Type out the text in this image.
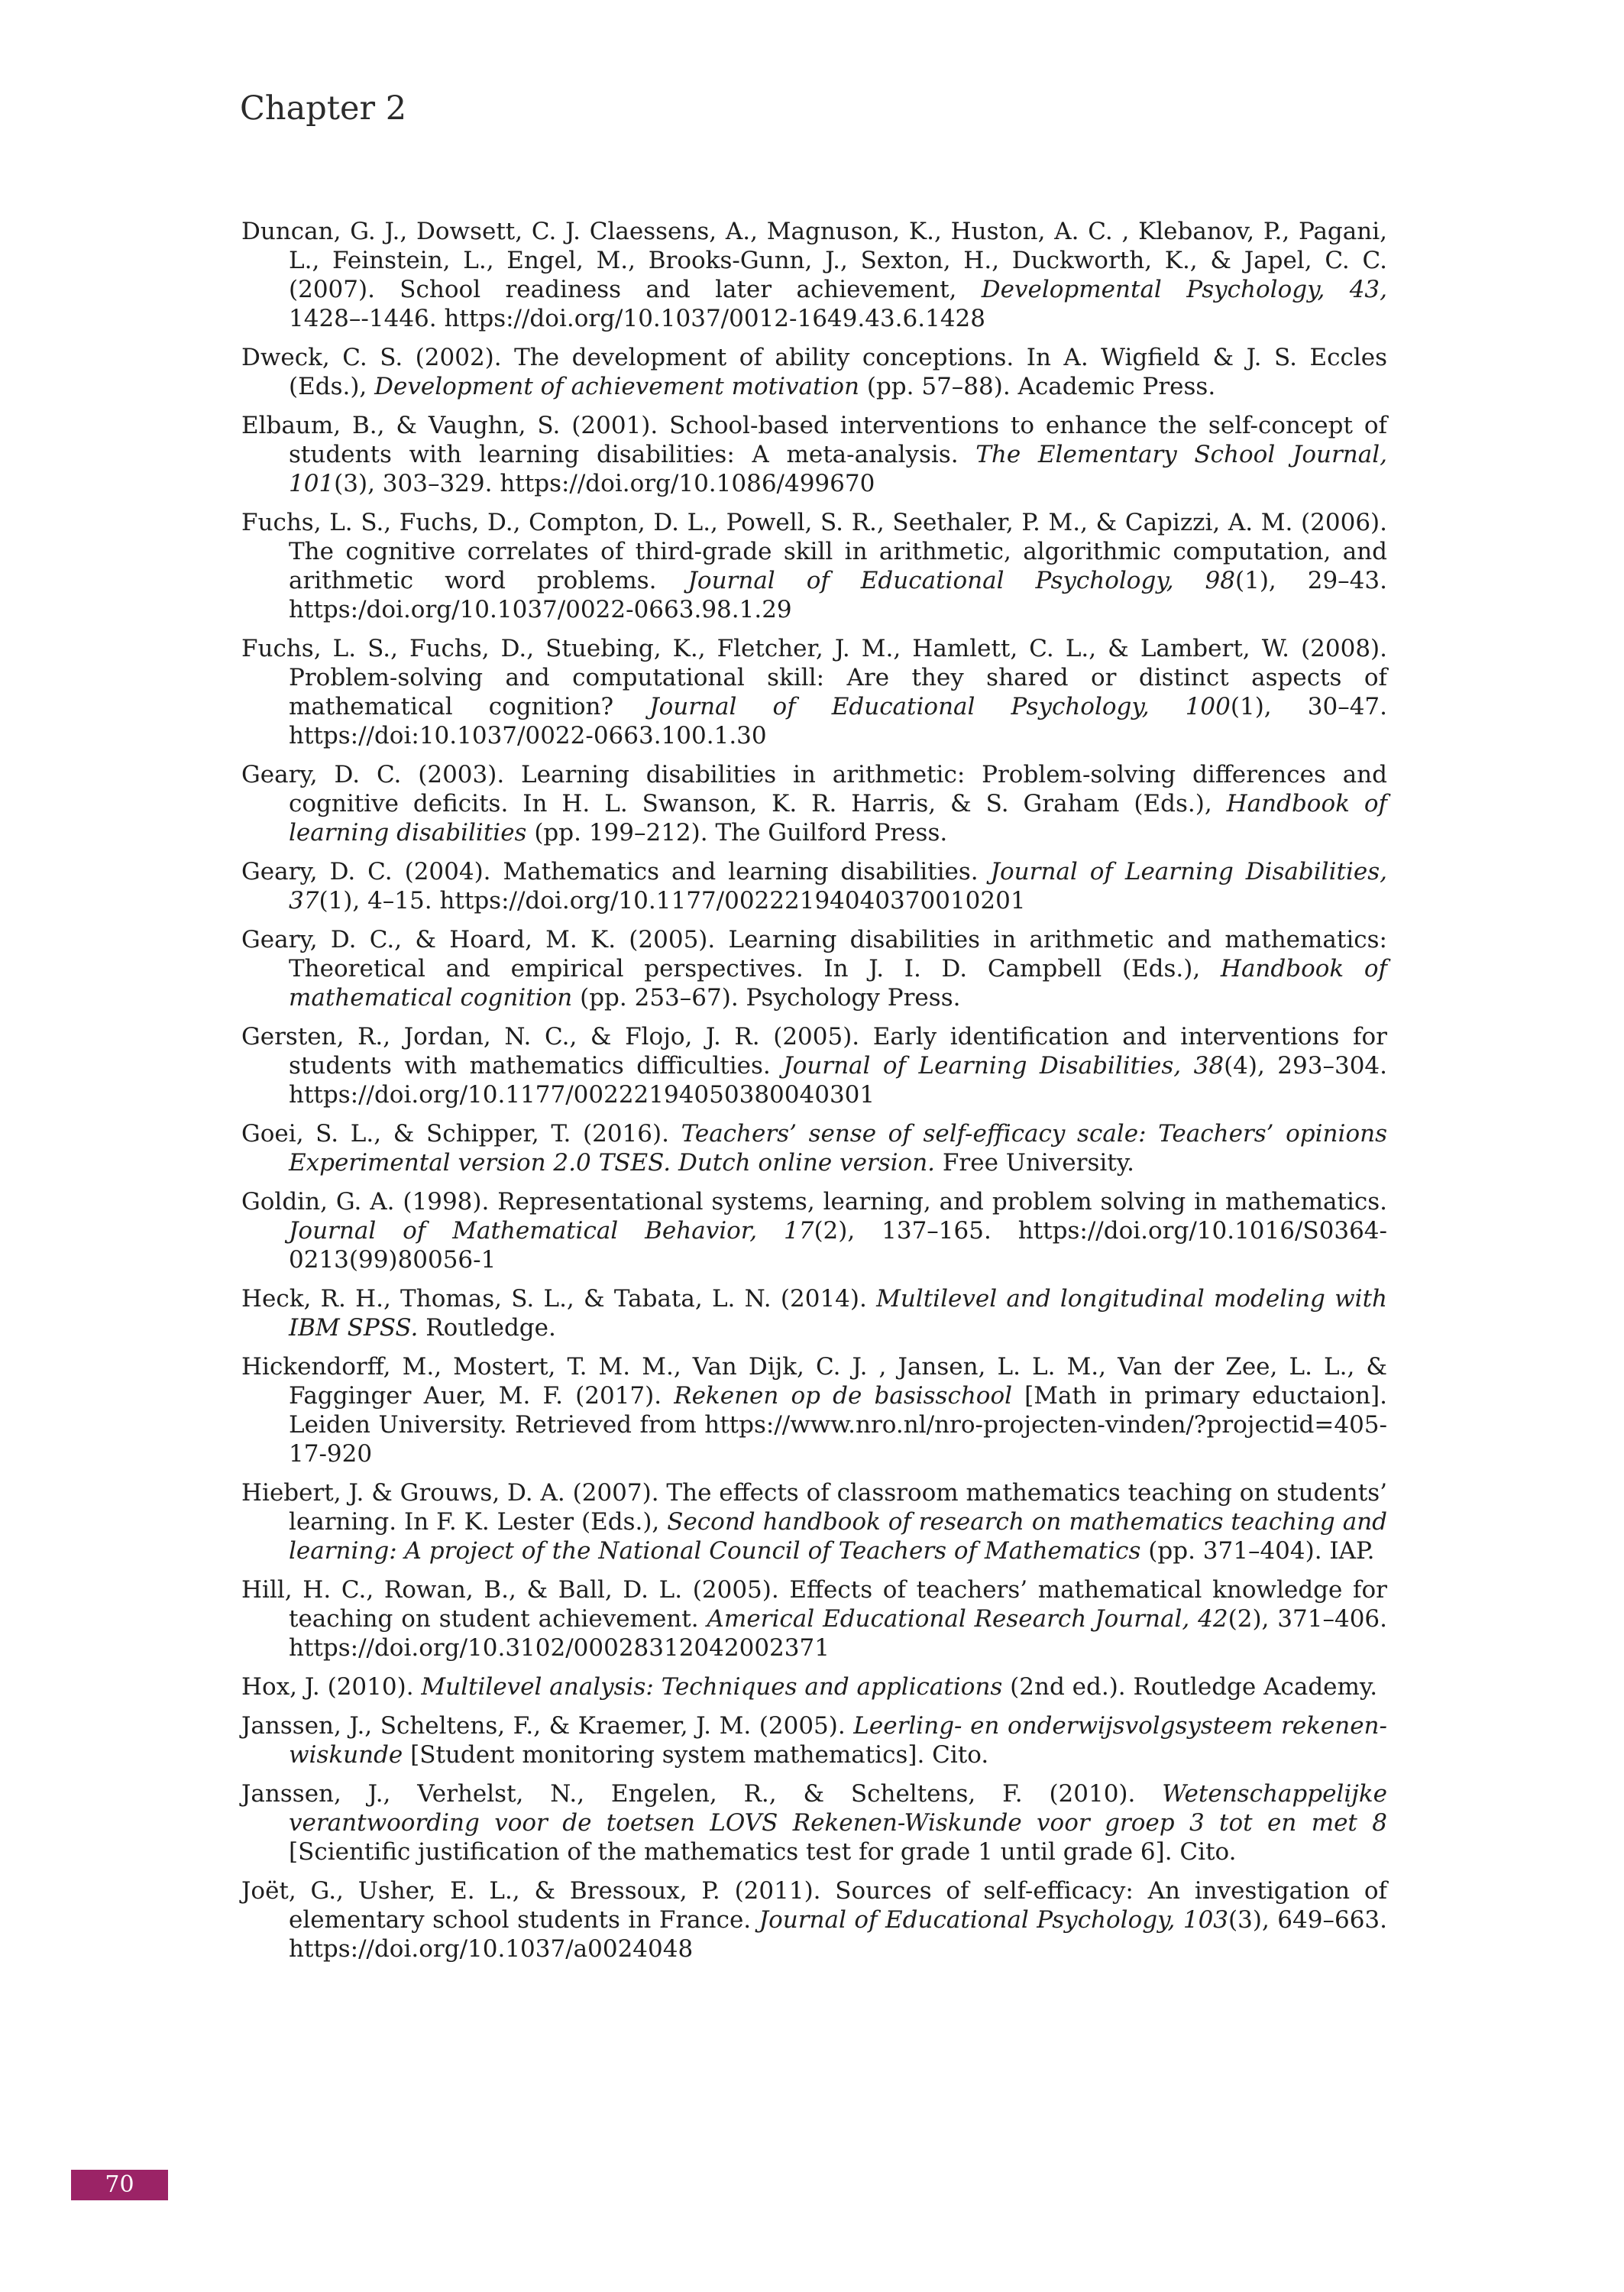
Chapter 2

Duncan, G. J., Dowsett, C. J. Claessens, A., Magnuson, K., Huston, A. C. , Klebanov, P., Pagani, L., Feinstein, L., Engel, M., Brooks-Gunn, J., Sexton, H., Duckworth, K., & Japel, C. C. (2007). School readiness and later achievement, Developmental Psychology, 43, 1428–-1446. https://doi.org/10.1037/0012-1649.43.6.1428

Dweck, C. S. (2002). The development of ability conceptions. In A. Wigfield & J. S. Eccles (Eds.), Development of achievement motivation (pp. 57–88). Academic Press.

Elbaum, B., & Vaughn, S. (2001). School-based interventions to enhance the self-concept of students with learning disabilities: A meta-analysis. The Elementary School Journal, 101(3), 303–329. https://doi.org/10.1086/499670

Fuchs, L. S., Fuchs, D., Compton, D. L., Powell, S. R., Seethaler, P. M., & Capizzi, A. M. (2006). The cognitive correlates of third-grade skill in arithmetic, algorithmic computation, and arithmetic word problems. Journal of Educational Psychology, 98(1), 29–43. https:/doi.org/10.1037/0022-0663.98.1.29

Fuchs, L. S., Fuchs, D., Stuebing, K., Fletcher, J. M., Hamlett, C. L., & Lambert, W. (2008). Problem-solving and computational skill: Are they shared or distinct aspects of mathematical cognition? Journal of Educational Psychology, 100(1), 30–47. https://doi:10.1037/0022-0663.100.1.30

Geary, D. C. (2003). Learning disabilities in arithmetic: Problem-solving differences and cognitive deficits. In H. L. Swanson, K. R. Harris, & S. Graham (Eds.), Handbook of learning disabilities (pp. 199–212). The Guilford Press.

Geary, D. C. (2004). Mathematics and learning disabilities. Journal of Learning Disabilities, 37(1), 4–15. https://doi.org/10.1177/00222194040370010201

Geary, D. C., & Hoard, M. K. (2005). Learning disabilities in arithmetic and mathematics: Theoretical and empirical perspectives. In J. I. D. Campbell (Eds.), Handbook of mathematical cognition (pp. 253–67). Psychology Press.

Gersten, R., Jordan, N. C., & Flojo, J. R. (2005). Early identification and interventions for students with mathematics difficulties. Journal of Learning Disabilities, 38(4), 293–304. https://doi.org/10.1177/00222194050380040301

Goei, S. L., & Schipper, T. (2016). Teachers’ sense of self-efficacy scale: Teachers’ opinions Experimental version 2.0 TSES. Dutch online version. Free University.

Goldin, G. A. (1998). Representational systems, learning, and problem solving in mathematics. Journal of Mathematical Behavior, 17(2), 137–165. https://doi.org/10.1016/S0364-0213(99)80056-1

Heck, R. H., Thomas, S. L., & Tabata, L. N. (2014). Multilevel and longitudinal modeling with IBM SPSS. Routledge.

Hickendorff, M., Mostert, T. M. M., Van Dijk, C. J. , Jansen, L. L. M., Van der Zee, L. L., & Fagginger Auer, M. F. (2017). Rekenen op de basisschool [Math in primary eductaion]. Leiden University. Retrieved from https://www.nro.nl/nro-projecten-vinden/?projectid=405-17-920

Hiebert, J. & Grouws, D. A. (2007). The effects of classroom mathematics teaching on students’ learning. In F. K. Lester (Eds.), Second handbook of research on mathematics teaching and learning: A project of the National Council of Teachers of Mathematics (pp. 371–404). IAP.

Hill, H. C., Rowan, B., & Ball, D. L. (2005). Effects of teachers’ mathematical knowledge for teaching on student achievement. Americal Educational Research Journal, 42(2), 371–406. https://doi.org/10.3102/00028312042002371

Hox, J. (2010). Multilevel analysis: Techniques and applications (2nd ed.). Routledge Academy.

Janssen, J., Scheltens, F., & Kraemer, J. M. (2005). Leerling- en onderwijsvolgsysteem rekenen-wiskunde [Student monitoring system mathematics]. Cito.

Janssen, J., Verhelst, N., Engelen, R., & Scheltens, F. (2010). Wetenschappelijke verantwoording voor de toetsen LOVS Rekenen-Wiskunde voor groep 3 tot en met 8 [Scientific justification of the mathematics test for grade 1 until grade 6]. Cito.

Joët, G., Usher, E. L., & Bressoux, P. (2011). Sources of self-efficacy: An investigation of elementary school students in France. Journal of Educational Psychology, 103(3), 649–663. https://doi.org/10.1037/a0024048

70
